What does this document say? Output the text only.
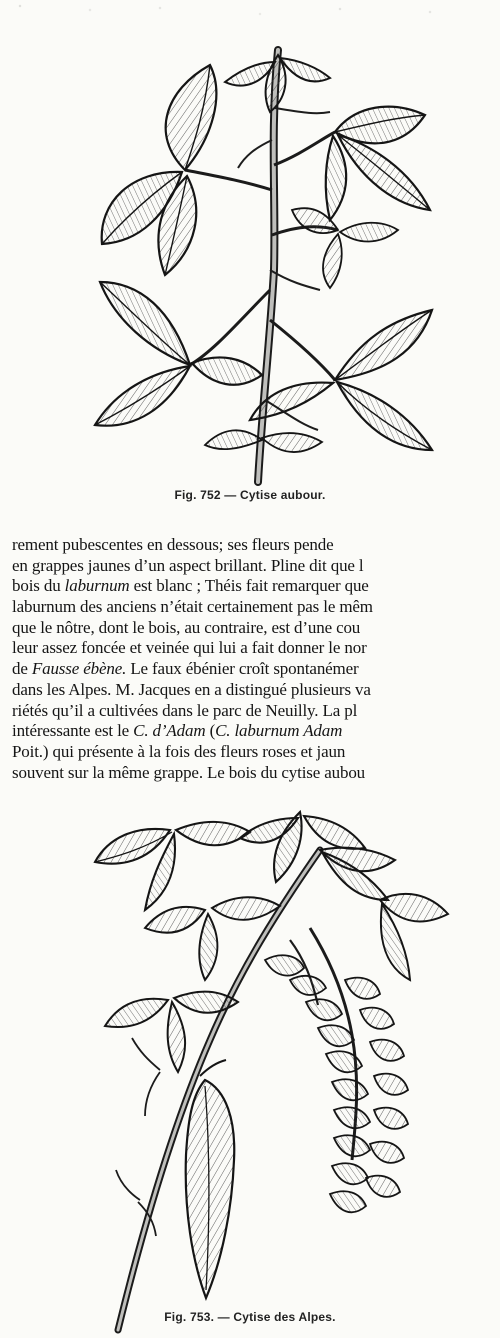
Fig. 752 — Cytise aubour.
rement pubescentes en dessous; ses fleurs pende
en grappes jaunes d’un aspect brillant. Pline dit que l
bois du laburnum est blanc ; Théis fait remarquer que
laburnum des anciens n’était certainement pas le mêm
que le nôtre, dont le bois, au contraire, est d’une cou
leur assez foncée et veinée qui lui a fait donner le nor
de Fausse ébène. Le faux ébénier croît spontanémer
dans les Alpes. M. Jacques en a distingué plusieurs va
riétés qu’il a cultivées dans le parc de Neuilly. La pl
intéressante est le C. d’Adam ( C. laburnum Adam
Poit.) qui présente à la fois des fleurs roses et jaun
souvent sur la même grappe. Le bois du cytise aubou
Fig. 753. — Cytise des Alpes.
